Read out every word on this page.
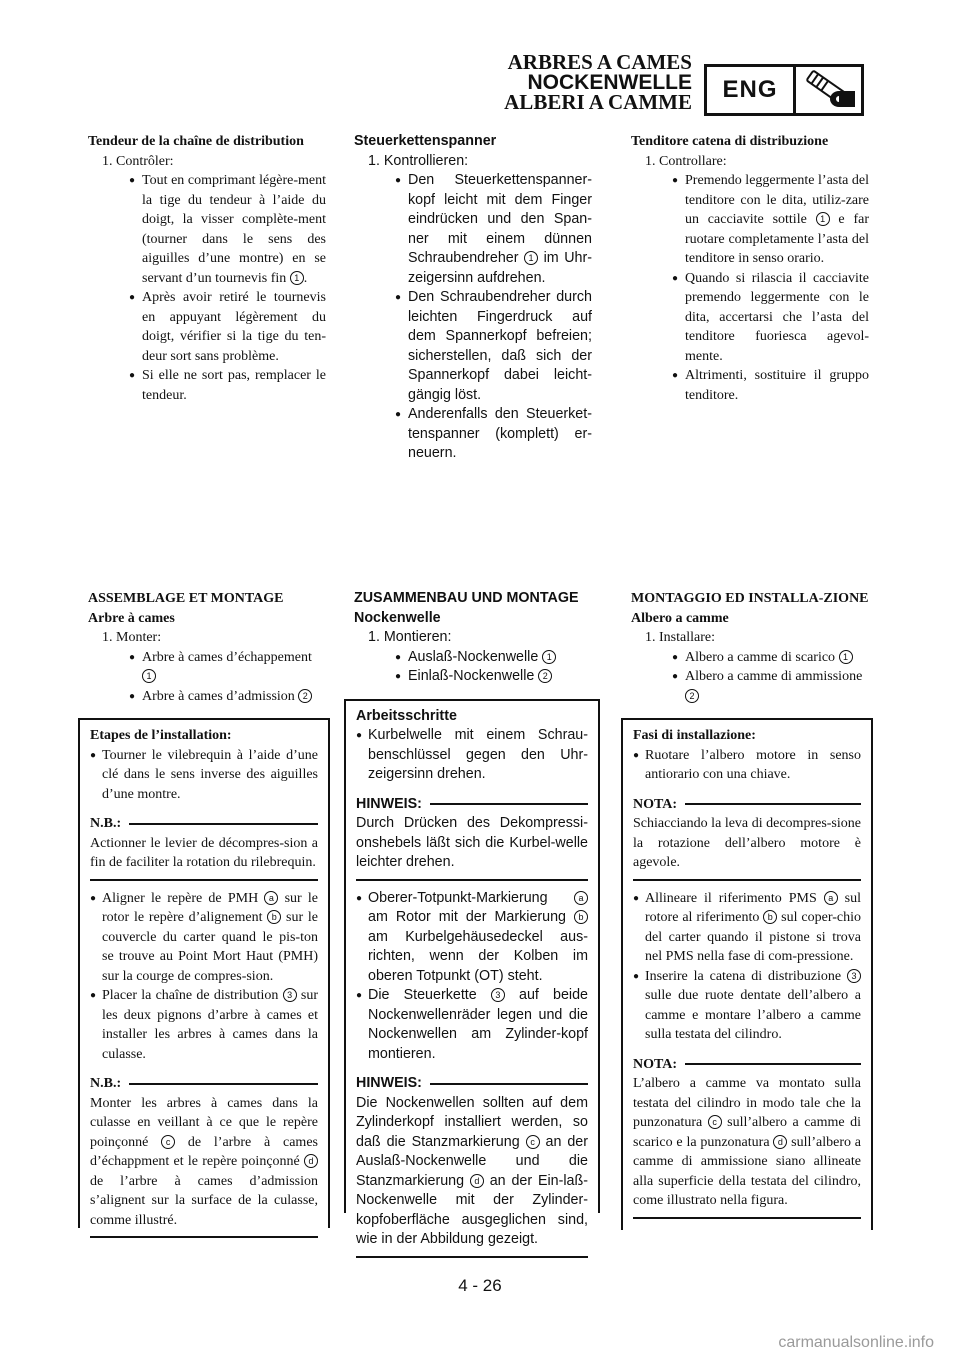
ARBRES A CAMES
NOCKENWELLE
ALBERI A CAMME	ENG
Tendeur de la chaîne de distribution
1. Contrôler:
● Tout en comprimant légère-ment la tige du tendeur à l’aide du doigt, la visser complète-ment (tourner dans le sens des aiguilles d’une montre) en se servant d’un tournevis fin 1 .
● Après avoir retiré le tournevis en appuyant légèrement du doigt, vérifier si la tige du ten-deur sort sans problème.
● Si elle ne sort pas, remplacer le tendeur.
Steuerkettenspanner
1. Kontrollieren:
● Den Steuerkettenspanner-kopf leicht mit dem Finger eindrücken und den Span-ner mit einem dünnen Schraubendreher 1 im Uhr-zeigersinn aufdrehen.
● Den Schraubendreher durch leichten Fingerdruck auf dem Spannerkopf befreien; sicherstellen, daß sich der Spannerkopf dabei leicht-gängig löst.
● Anderenfalls den Steuerket-tenspanner (komplett) er-neuern.
Tenditore catena di distribuzione
1. Controllare:
● Premendo leggermente l’asta del tenditore con le dita, utiliz-zare un cacciavite sottile 1 e far ruotare completamente l’asta del tenditore in senso orario.
● Quando si rilascia il cacciavite premendo leggermente con le dita, accertarsi che l’asta del tenditore fuoriesca agevol-mente.
● Altrimenti, sostituire il gruppo tenditore.
ASSEMBLAGE ET MONTAGE
Arbre à cames
1. Monter:
● Arbre à cames d’échappement 1
● Arbre à cames d’admission 2
Etapes de l’installation:
● Tourner le vilebrequin à l’aide d’une clé dans le sens inverse des aiguilles d’une montre.
N.B.:
Actionner le levier de décompres-sion a fin de faciliter la rotation du rilebrequin.
● Aligner le repère de PMH a sur le rotor le repère d’alignement b sur le couvercle du carter quand le pis-ton se trouve au Point Mort Haut (PMH) sur la courge de compres-sion.
● Placer la chaîne de distribution 3 sur les deux pignons d’arbre à cames et installer les arbres à cames dans la culasse.
N.B.:
Monter les arbres à cames dans la culasse en veillant à ce que le repère poinçonné c de l’arbre à cames d’échappment et le repère poinçonné d de l’arbre à cames d’admission s’alignent sur la surface de la culasse, comme illustré.
ZUSAMMENBAU UND MONTAGE
Nockenwelle
1. Montieren:
● Auslaß-Nockenwelle 1
● Einlaß-Nockenwelle 2
Arbeitsschritte
● Kurbelwelle mit einem Schrau-benschlüssel gegen den Uhr-zeigersinn drehen.
HINWEIS:
Durch Drücken des Dekompressi-onshebels läßt sich die Kurbel-welle leichter drehen.
● Oberer-Totpunkt-Markierung a am Rotor mit der Markierung b am Kurbelgehäusedeckel aus-richten, wenn der Kolben im oberen Totpunkt (OT) steht.
● Die Steuerkette 3 auf beide Nockenwellenräder legen und die Nockenwellen am Zylinder-kopf montieren.
HINWEIS:
Die Nockenwellen sollten auf dem Zylinderkopf installiert werden, so daß die Stanzmarkierung c an der Auslaß-Nockenwelle und die Stanzmarkierung d an der Ein-laß-Nockenwelle mit der Zylinder-kopfoberfläche ausgeglichen sind, wie in der Abbildung gezeigt.
MONTAGGIO ED INSTALLA-ZIONE
Albero a camme
1. Installare:
● Albero a camme di scarico 1
● Albero a camme di ammissione 2
Fasi di installazione:
● Ruotare l’albero motore in senso antiorario con una chiave.
NOTA:
Schiacciando la leva di decompres-sione la rotazione dell’albero motore è agevole.
● Allineare il riferimento PMS a sul rotore al riferimento b sul coper-chio del carter quando il pistone si trova nel PMS nella fase di com-pressione.
● Inserire la catena di distribuzione 3 sulle due ruote dentate dell’albero a camme e montare l’albero a camme sulla testata del cilindro.
NOTA:
L’albero a camme va montato sulla testata del cilindro in modo tale che la punzonatura c sull’albero a camme di scarico e la punzonatura d sull’albero a camme di ammissione siano allineate alla superficie della testata del cilindro, come illustrato nella figura.
4 - 26
carmanualsonline.info
